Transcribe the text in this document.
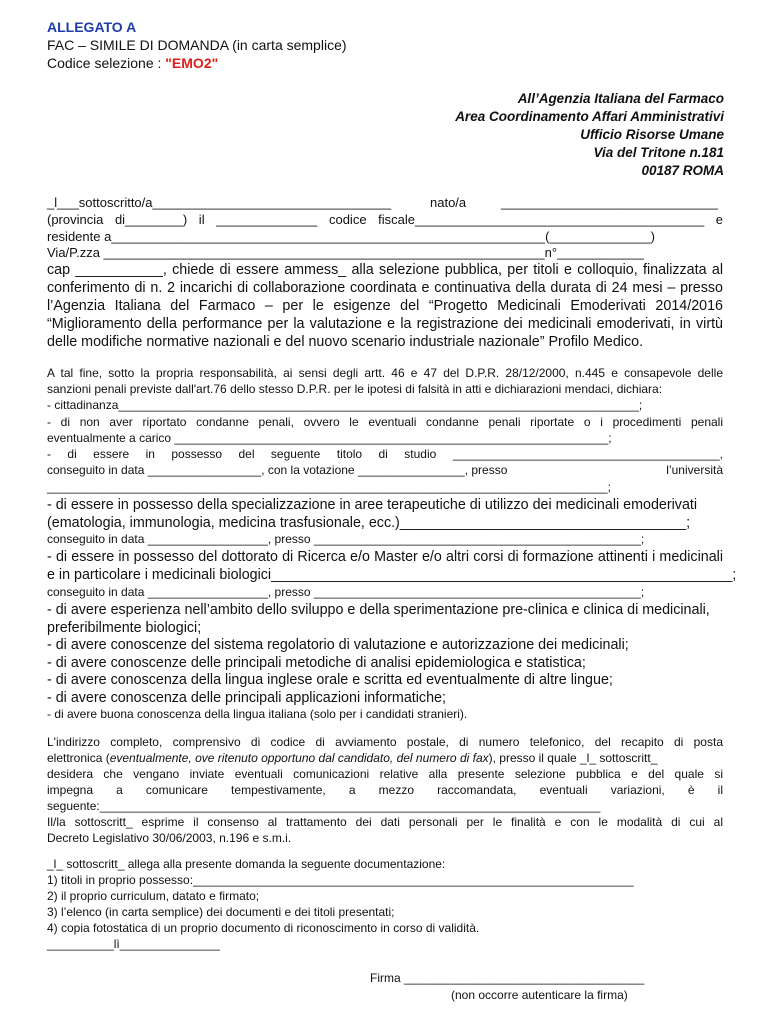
ALLEGATO A
FAC – SIMILE DI DOMANDA (in carta semplice)
Codice selezione : "EMO2"
All’Agenzia Italiana del Farmaco
Area Coordinamento Affari Amministrativi
Ufficio Risorse Umane
Via del Tritone n.181
00187 ROMA

_l___sottoscritto/a_________________________________

	nato/a

	______________________________

(provincia di________) il ______________ codice fiscale________________________________________ e
residente a____________________________________________________________(______________)
Via/P.zza _____________________________________________________________n°____________
cap ___________, chiede di essere ammess_ alla selezione pubblica, per titoli e colloquio, finalizzata al
conferimento di n. 2 incarichi di collaborazione coordinata e continuativa della durata di 24 mesi – presso
l’Agenzia Italiana del Farmaco – per le esigenze del “Progetto Medicinali Emoderivati 2014/2016
“Miglioramento della performance per la valutazione e la registrazione dei medicinali emoderivati, in virtù
delle modifiche normative nazionali e del nuovo scenario industriale nazionale” Profilo Medico.
A tal fine, sotto la propria responsabilità, ai sensi degli artt. 46 e 47 del D.P.R. 28/12/2000, n.445 e consapevole delle
sanzioni penali previste dall'art.76 dello stesso D.P.R. per le ipotesi di falsità in atti e dichiarazioni mendaci, dichiara:
- cittadinanza______________________________________________________________________________;
- di non aver riportato condanne penali, ovvero le eventuali condanne penali riportate o i procedimenti penali
eventualmente a carico _________________________________________________________________;
- di essere in possesso del seguente titolo di studio ________________________________________,

conseguito in data _________________, con la votazione ________________, presso

	l’università

____________________________________________________________________________________;
- di essere in possesso della specializzazione in aree terapeutiche di utilizzo dei medicinali emoderivati
(ematologia, immunologia, medicina trasfusionale, ecc.)____________________________________;
conseguito in data __________________, presso _________________________________________________;
- di essere in possesso del dottorato di Ricerca e/o Master e/o altri corsi di formazione attinenti i medicinali
e in particolare i medicinali biologici__________________________________________________________;
conseguito in data __________________, presso _________________________________________________;
- di avere esperienza nell’ambito dello sviluppo e della sperimentazione pre-clinica e clinica di medicinali,
preferibilmente biologici;
- di avere conoscenze del sistema regolatorio di valutazione e autorizzazione dei medicinali;
- di avere conoscenze delle principali metodiche di analisi epidemiologica e statistica;
- di avere conoscenza della lingua inglese orale e scritta ed eventualmente di altre lingue;
- di avere conoscenza delle principali applicazioni informatiche;
- di avere buona conoscenza della lingua italiana (solo per i candidati stranieri).
L'indirizzo completo, comprensivo di codice di avviamento postale, di numero telefonico, del recapito di posta
elettronica (eventualmente, ove ritenuto opportuno dal candidato, del numero di fax), presso il quale _l_ sottoscritt_
desidera che vengano inviate eventuali comunicazioni relative alla presente selezione pubblica e del quale si
impegna a comunicare tempestivamente, a mezzo raccomandata, eventuali variazioni, è il
seguente:___________________________________________________________________________
Il/la sottoscritt_ esprime il consenso al trattamento dei dati personali per le finalità e con le modalità di cui al
Decreto Legislativo 30/06/2003, n.196 e s.m.i.
_l_ sottoscritt_ allega alla presente domanda la seguente documentazione:
1) titoli in proprio possesso:__________________________________________________________________
2) il proprio curriculum, datato e firmato;
3) l’elenco (in carta semplice) dei documenti e dei titoli presentati;
4) copia fotostatica di un proprio documento di riconoscimento in corso di validità.
__________lì_______________
Firma ____________________________________
(non occorre autenticare la firma)
